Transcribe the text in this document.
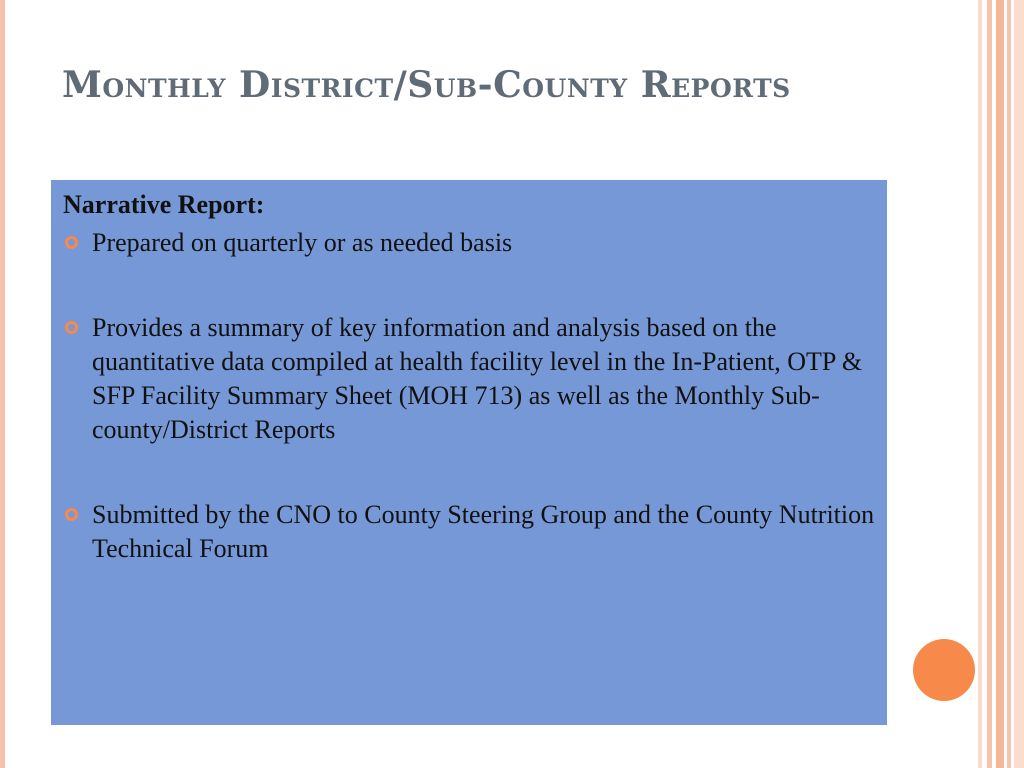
Monthly District/Sub-County Reports
Narrative Report:
Prepared on quarterly or as needed basis
Provides a summary of key information and analysis based on the quantitative data compiled at health facility level in the In-Patient, OTP & SFP Facility Summary Sheet (MOH 713) as well as the Monthly Sub-county/District Reports
Submitted by the CNO to County Steering Group and the County Nutrition Technical Forum
